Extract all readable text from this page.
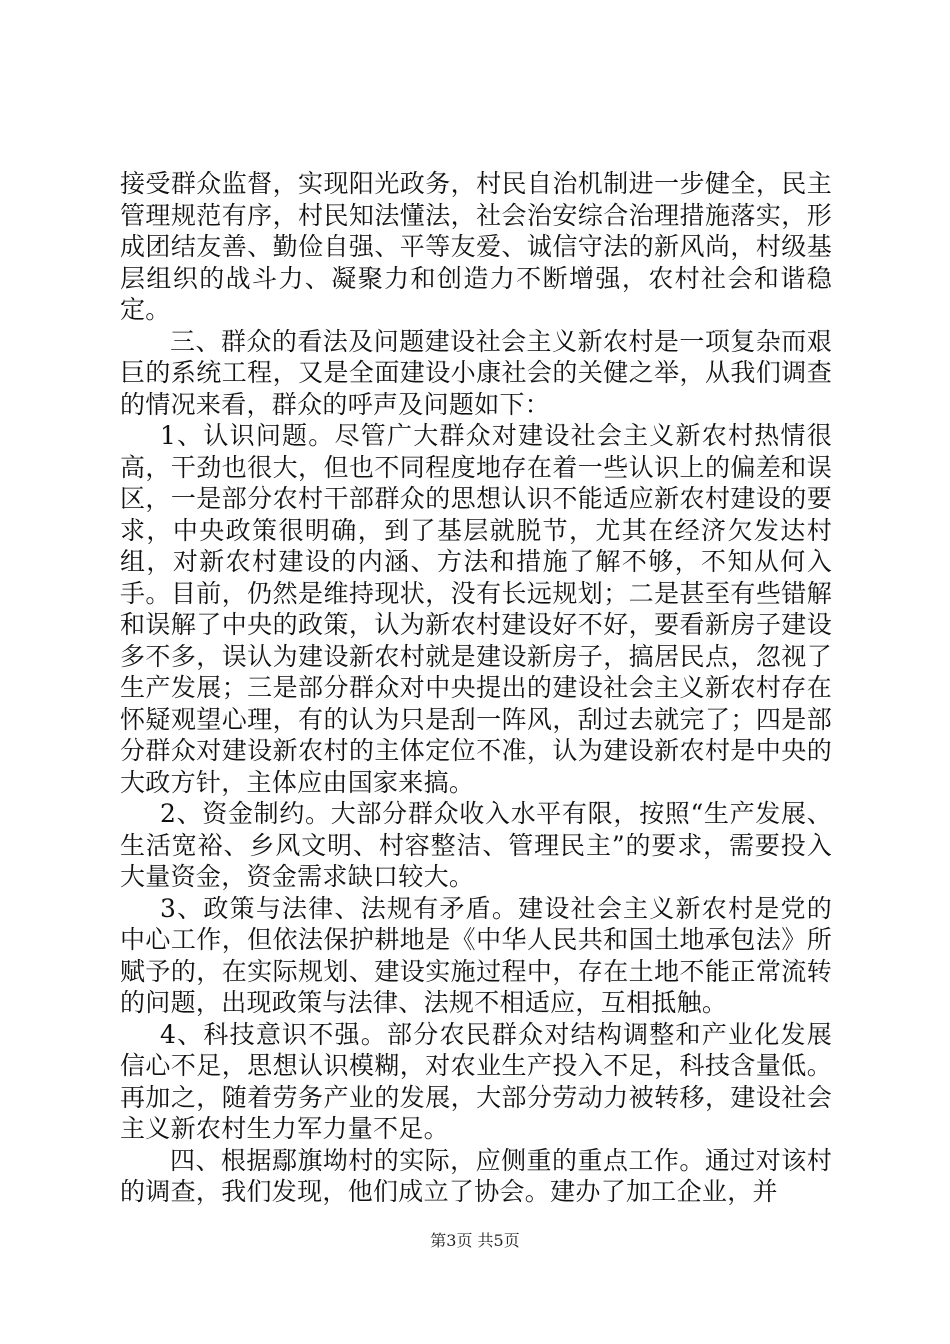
接受群众监督，实现阳光政务，村民自治机制进一步健全，民主管理规范有序，村民知法懂法，社会治安综合治理措施落实，形成团结友善、勤俭自强、平等友爱、诚信守法的新风尚，村级基层组织的战斗力、凝聚力和创造力不断增强，农村社会和谐稳定。

三、群众的看法及问题建设社会主义新农村是一项复杂而艰巨的系统工程，又是全面建设小康社会的关健之举，从我们调查的情况来看，群众的呼声及问题如下：

1、认识问题。尽管广大群众对建设社会主义新农村热情很高，干劲也很大，但也不同程度地存在着一些认识上的偏差和误区，一是部分农村干部群众的思想认识不能适应新农村建设的要求，中央政策很明确，到了基层就脱节，尤其在经济欠发达村组，对新农村建设的内涵、方法和措施了解不够，不知从何入手。目前，仍然是维持现状，没有长远规划；二是甚至有些错解和误解了中央的政策，认为新农村建设好不好，要看新房子建设多不多，误认为建设新农村就是建设新房子，搞居民点，忽视了生产发展；三是部分群众对中央提出的建设社会主义新农村存在怀疑观望心理，有的认为只是刮一阵风，刮过去就完了；四是部分群众对建设新农村的主体定位不准，认为建设新农村是中央的大政方针，主体应由国家来搞。

2、资金制约。大部分群众收入水平有限，按照“生产发展、生活宽裕、乡风文明、村容整洁、管理民主”的要求，需要投入大量资金，资金需求缺口较大。

3、政策与法律、法规有矛盾。建设社会主义新农村是党的中心工作，但依法保护耕地是《中华人民共和国土地承包法》所赋予的，在实际规划、建设实施过程中，存在土地不能正常流转的问题，出现政策与法律、法规不相适应，互相抵触。

4、科技意识不强。部分农民群众对结构调整和产业化发展信心不足，思想认识模糊，对农业生产投入不足，科技含量低。再加之，随着劳务产业的发展，大部分劳动力被转移，建设社会主义新农村生力军力量不足。

四、根据鄢旗坳村的实际，应侧重的重点工作。通过对该村的调查，我们发现，他们成立了协会。建办了加工企业，并

第3页 共5页
